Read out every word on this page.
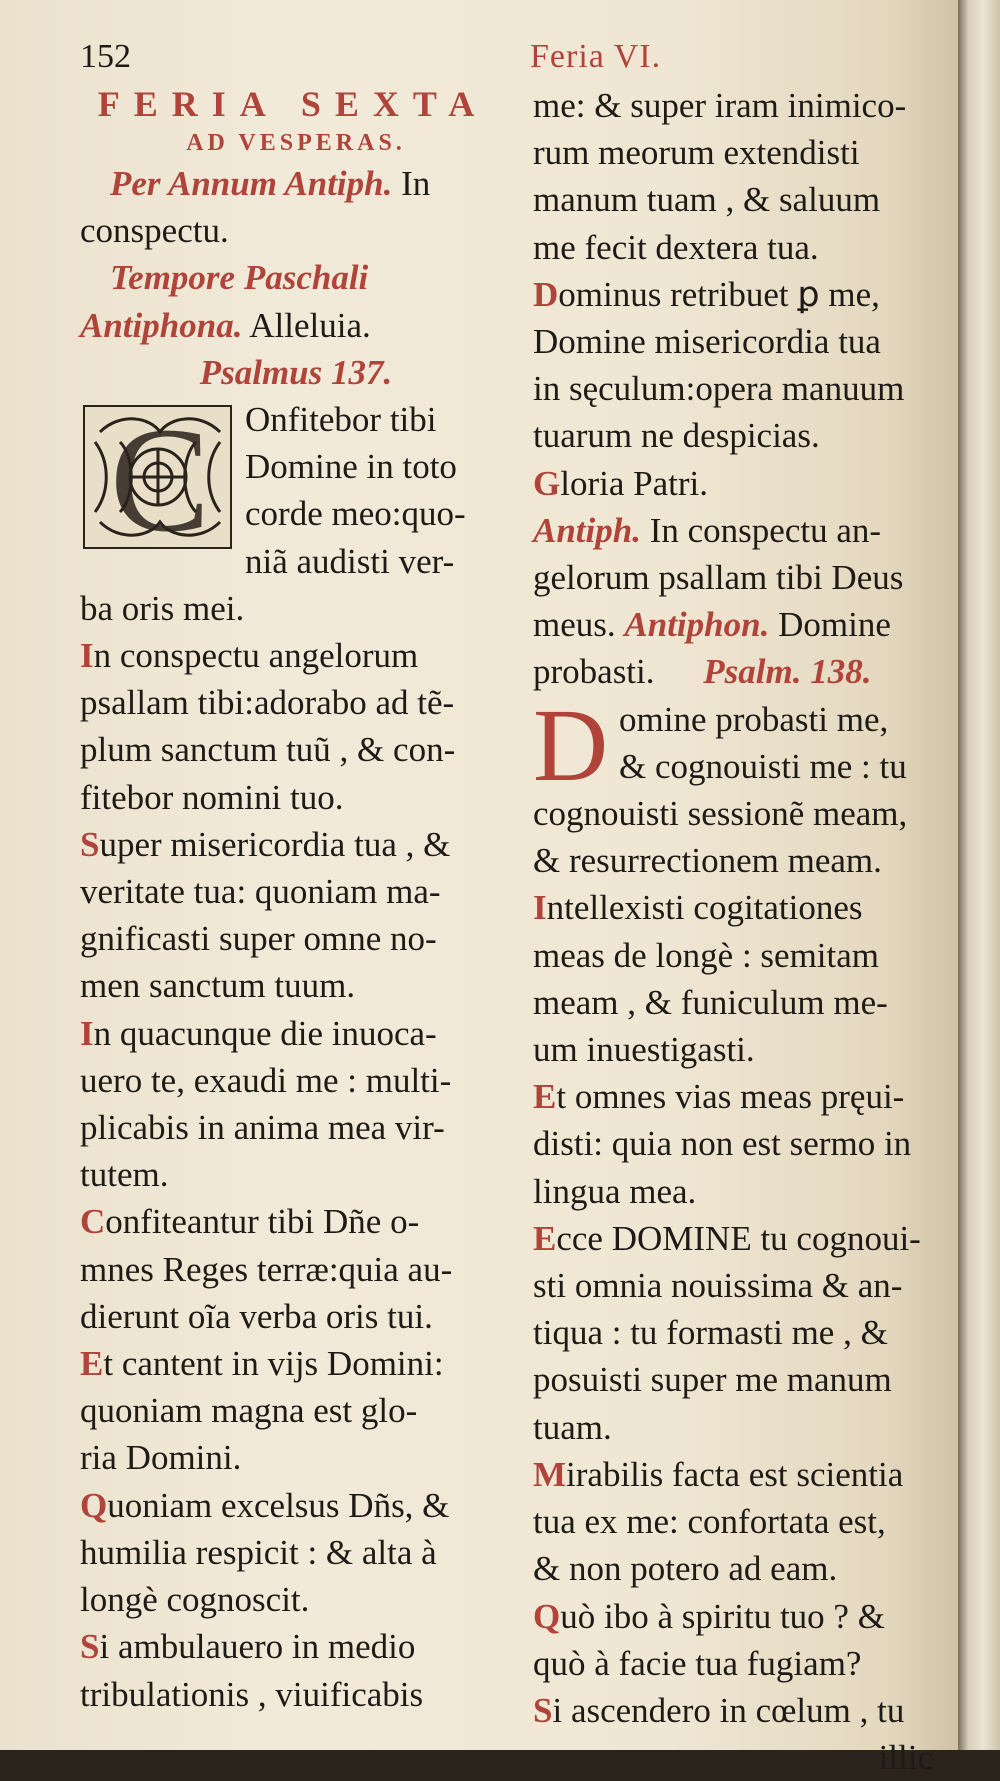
152	Feria VI.
FERIA SEXTA
AD VESPERAS.

Per Annum Antiph. In conspectu.

Tempore Paschali Antiphona. Alleluia.

Psalmus 137.

C Onfitebor tibi

Domine in toto

corde meo:quo-

niã audisti ver-

ba oris mei.

In conspectu angelorum

psallam tibi:adorabo ad tẽ-

plum sanctum tuũ , & con-

fitebor nomini tuo.

Super misericordia tua , &

veritate tua: quoniam ma-

gnificasti super omne no-

men sanctum tuum.

In quacunque die inuoca-

uero te, exaudi me : multi-

plicabis in anima mea vir-

tutem.

Confiteantur tibi Dñe o-

mnes Reges terræ:quia au-

dierunt oĩa verba oris tui.

Et cantent in vijs Domini:

quoniam magna est glo-

ria Domini.

Quoniam excelsus Dñs, &

humilia respicit : & alta à

longè cognoscit.

Si ambulauero in medio

tribulationis , viuificabis

me: & super iram inimico-

rum meorum extendisti

manum tuam , & saluum

me fecit dextera tua.

Dominus retribuet ꝑ me,

Domine misericordia tua

in sęculum:opera manuum

tuarum ne despicias.

Gloria Patri.

Antiph. In conspectu an-

gelorum psallam tibi Deus

meus. Antiphon. Domine

probasti. Psalm. 138.

D omine probasti me,

& cognouisti me : tu

cognouisti sessionẽ meam,

& resurrectionem meam.

Intellexisti cogitationes

meas de longè : semitam

meam , & funiculum me-

um inuestigasti.

Et omnes vias meas pręui-

disti: quia non est sermo in

lingua mea.

Ecce DOMINE tu cognoui-

sti omnia nouissima & an-

tiqua : tu formasti me , &

posuisti super me manum

tuam.

Mirabilis facta est scientia

tua ex me: confortata est,

& non potero ad eam.

Quò ibo à spiritu tuo ? &

quò à facie tua fugiam?

Si ascendero in cœlum , tu

illic
